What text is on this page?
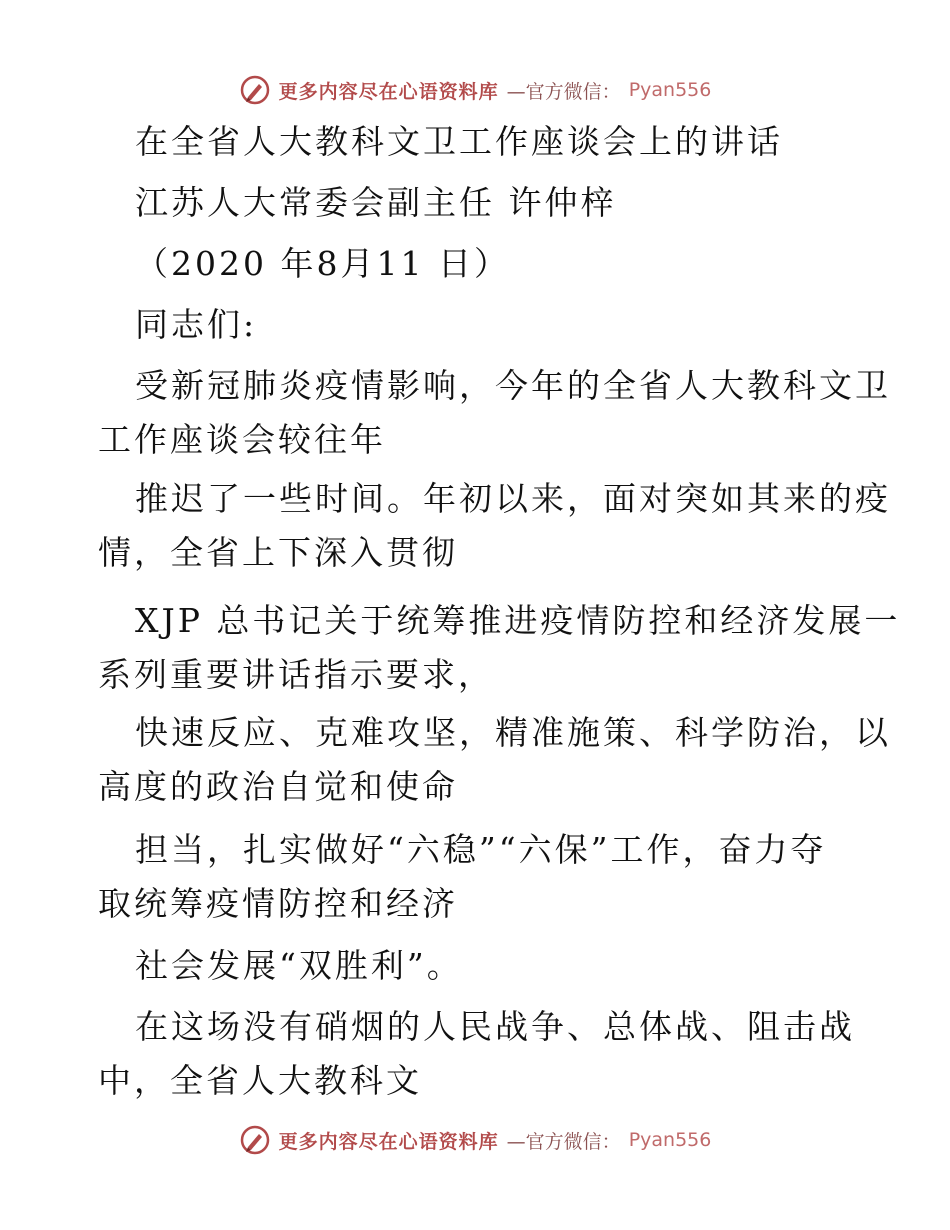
更多内容尽在心语资料库 —官方微信： Pyan556
在全省人大教科文卫工作座谈会上的讲话
江苏人大常委会副主任 许仲梓
（2020 年8月11 日）
同志们:
受新冠肺炎疫情影响，今年的全省人大教科文卫
工作座谈会较往年
推迟了一些时间。年初以来，面对突如其来的疫
情，全省上下深入贯彻
XJP 总书记关于统筹推进疫情防控和经济发展一
系列重要讲话指示要求，
快速反应、克难攻坚，精准施策、科学防治，以
高度的政治自觉和使命
担当，扎实做好“六稳”“六保”工作，奋力夺
取统筹疫情防控和经济
社会发展“双胜利”。
在这场没有硝烟的人民战争、总体战、阻击战
中，全省人大教科文
更多内容尽在心语资料库 —官方微信： Pyan556
